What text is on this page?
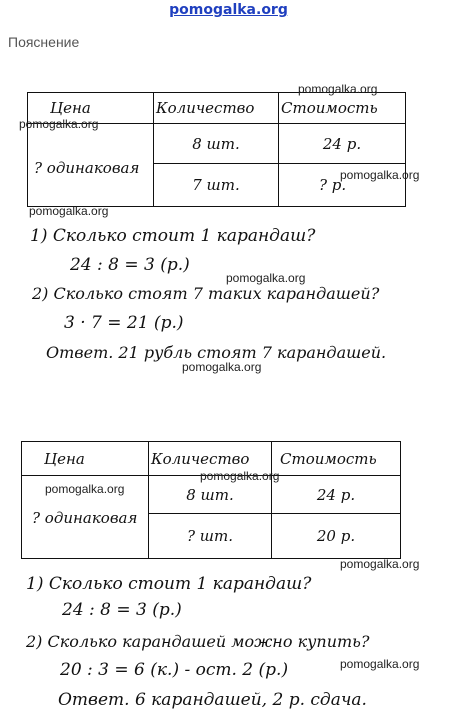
pomogalka.org
Пояснение
Цена	Количество	Стоимость

? одинаковая	8 шт.	24 р.

	7 шт.	? р.
pomogalka.org
pomogalka.org
pomogalka.org
pomogalka.org
1) Сколько стоит 1 карандаш?
24 : 8 = 3 (р.)
pomogalka.org
2) Сколько стоят 7 таких карандашей?
3 · 7 = 21 (р.)
Ответ. 21 рубль стоят 7 карандашей.
pomogalka.org
Цена	Количество	Стоимость

? одинаковая	8 шт.	24 р.

	? шт.	20 р.
pomogalka.org
pomogalka.org
pomogalka.org
1) Сколько стоит 1 карандаш?
24 : 8 = 3 (р.)
2) Сколько карандашей можно купить?
20 : 3 = 6 (к.) - ост. 2 (р.)	pomogalka.org
Ответ. 6 карандашей, 2 р. сдача.
